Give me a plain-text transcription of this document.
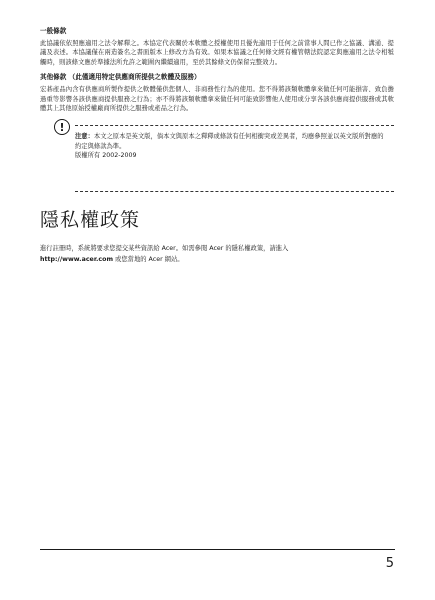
一般條款
此協議依依照應適用之法令解釋之。本協定代表關於本軟體之授權使用且優先適用于任何之前當事人間已作之協議、溝通、提議及表述。本協議僅在兩造簽名之書面版本上修改方為有效。如果本協議之任何條文經有權管轄法院認定與應適用之法令相牴觸時，則該條文應於準據法所允許之範圍內繼續適用，至於其餘條文仍保留完整效力。
其他條款 （此僅適用特定供應商所提供之軟體及服務）
宏碁產品內含有供應商所製作提供之軟體僅供您個人、非商務性行為的使用。您不得將該類軟體拿來做任何可能損害、致負擔過重等影響各該供應商提供服務之行為；亦不得將該類軟體拿來做任何可能致影響他人使用或分享各該供應商提供服務或其軟體其上其他原始授權廠商所提供之服務或產品之行為。
!
注意：本文之原本是英文版，倘本文與原本之釋釋或條款有任何相衝突或差異者，均應參照並以英文版所對應的約定與條款為準。
版權所有 2002-2009
隱私權政策
進行註冊時，系統將要求您提交某些資訊給 Acer。如需參閱 Acer 的隱私權政策，請進入
http://www.acer.com 或您當地的 Acer 網站。
5
